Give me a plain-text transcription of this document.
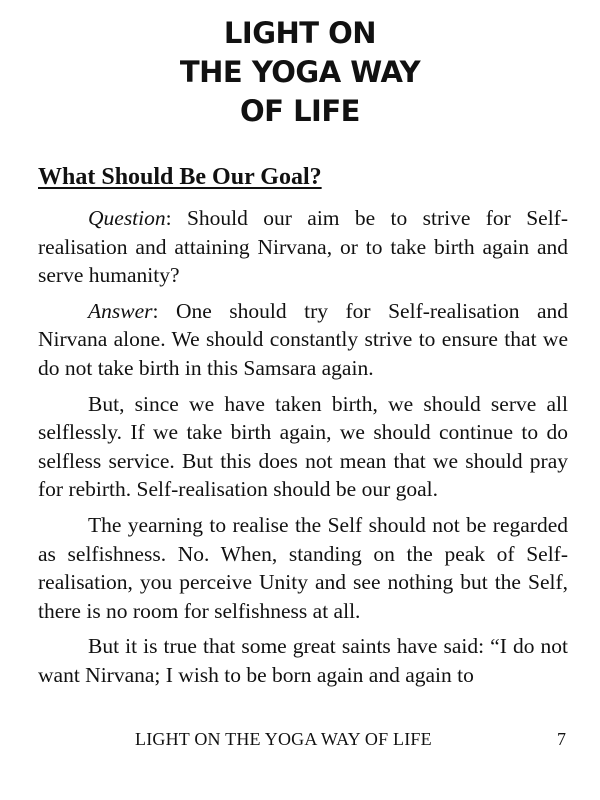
LIGHT ON
THE YOGA WAY
OF LIFE
What Should Be Our Goal?

Question: Should our aim be to strive for Self-realisation and attaining Nirvana, or to take birth again and serve humanity?

Answer: One should try for Self-realisation and Nirvana alone. We should constantly strive to ensure that we do not take birth in this Samsara again.

But, since we have taken birth, we should serve all selflessly. If we take birth again, we should continue to do selfless service. But this does not mean that we should pray for rebirth. Self-realisation should be our goal.

The yearning to realise the Self should not be regarded as selfishness. No. When, standing on the peak of Self-realisation, you perceive Unity and see nothing but the Self, there is no room for selfishness at all.

But it is true that some great saints have said: “I do not want Nirvana; I wish to be born again and again to

LIGHT ON THE YOGA WAY OF LIFE	7
